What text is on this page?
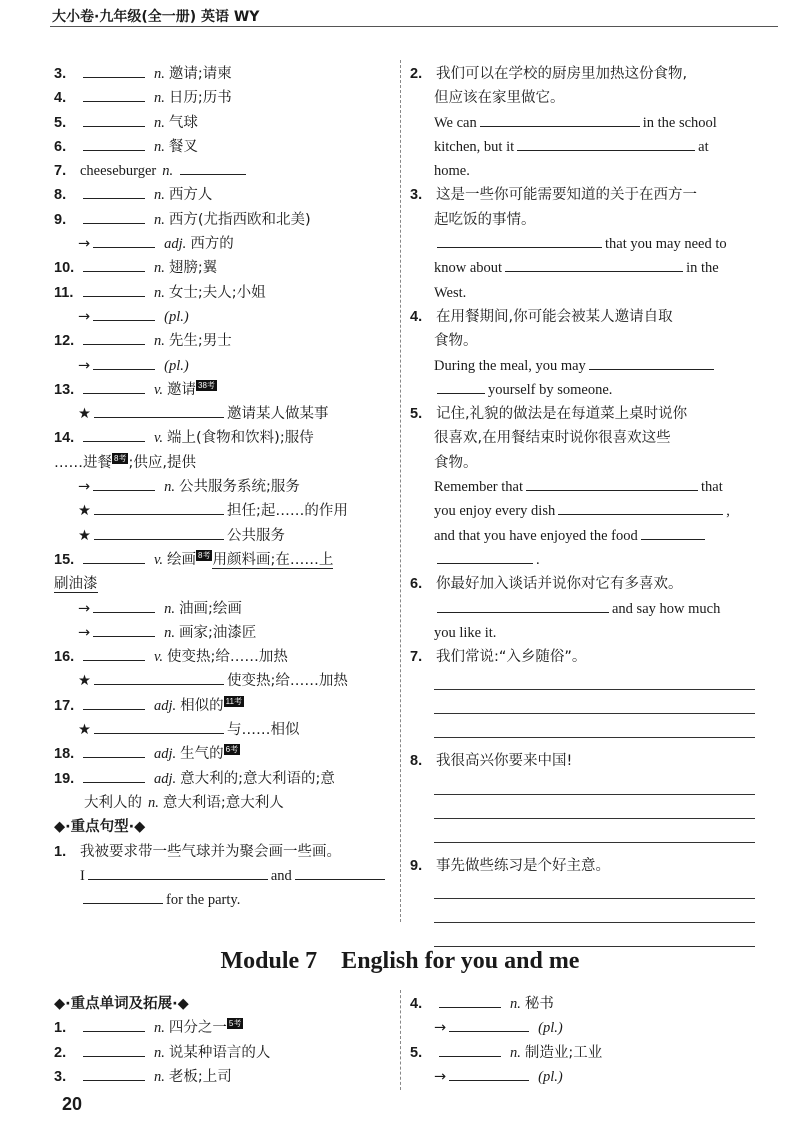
大小卷·九年级(全一册) 英语 WY
3.	n. 邀请;请柬
4.	n. 日历;历书
5.	n. 气球
6.	n. 餐叉
7. cheeseburger n.
8.	n. 西方人
9.	n. 西方(尤指西欧和北美)
→	adj. 西方的
10.	n. 翅膀;翼
11.	n. 女士;夫人;小姐
→	(pl.)
12.	n. 先生;男士
→	(pl.)
13.	v. 邀请 38考
★	邀请某人做某事
14.	v. 端上(食物和饮料);服侍
……进餐 8考 ;供应,提供
→	n. 公共服务系统;服务
★	担任;起……的作用
★	公共服务
15.	v. 绘画 8考 用颜料画;在……上
刷油漆
→	n. 油画;绘画
→	n. 画家;油漆匠
16.	v. 使变热;给……加热
★	使变热;给……加热
17.	adj. 相似的 11考
★	与……相似
18.	adj. 生气的 6考
19.	adj. 意大利的;意大利语的;意
大利人的 n. 意大利语;意大利人
◆·重点句型·◆
1. 我被要求带一些气球并为聚会画一些画。
I	and
for the party.
2. 我们可以在学校的厨房里加热这份食物,
但应该在家里做它。
We can	in the school
kitchen, but it	at
home.
3. 这是一些你可能需要知道的关于在西方一
起吃饭的事情。
that you may need to
know about	in the
West.
4. 在用餐期间,你可能会被某人邀请自取
食物。
During the meal, you may
yourself by someone.
5. 记住,礼貌的做法是在每道菜上桌时说你
很喜欢,在用餐结束时说你很喜欢这些
食物。
Remember that	that
you enjoy every dish	,
and that you have enjoyed the food
.
6. 你最好加入谈话并说你对它有多喜欢。
and say how much
you like it.
7. 我们常说:“入乡随俗”。
8. 我很高兴你要来中国!
9. 事先做些练习是个好主意。
Module 7    English for you and me
◆·重点单词及拓展·◆
1.	n. 四分之一 5考
2.	n. 说某种语言的人
3.	n. 老板;上司
4.	n. 秘书
→	(pl.)
5.	n. 制造业;工业
→	(pl.)
20
